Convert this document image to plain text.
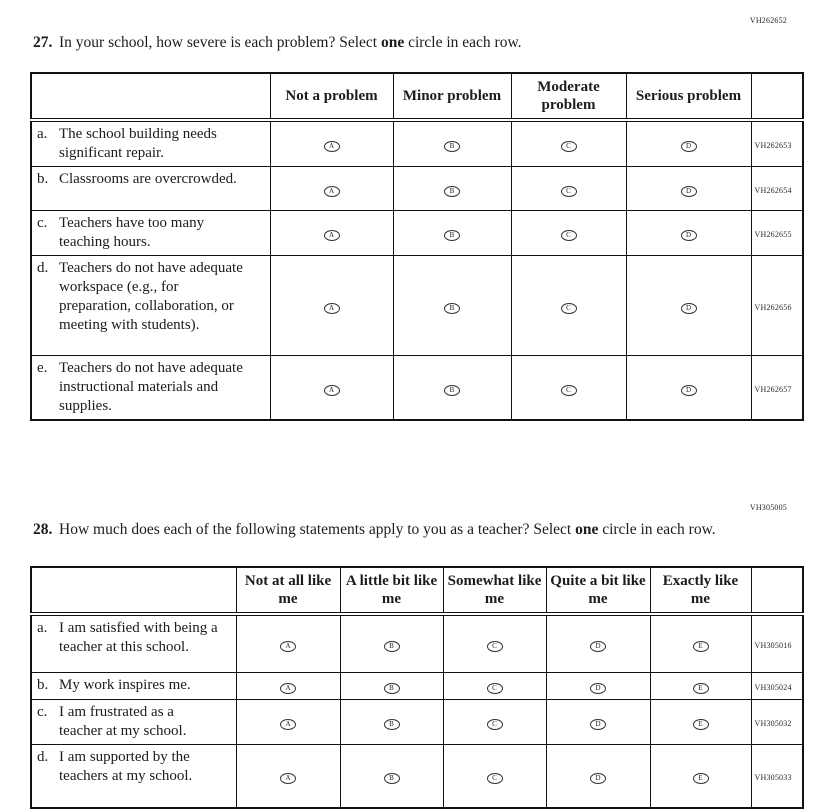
VH262652
27. In your school, how severe is each problem? Select one circle in each row.
	Not a problem	Minor problem	Moderate problem	Serious problem	

a. The school building needs significant repair.	A	B	C	D	VH262653

b. Classrooms are overcrowded.	A	B	C	D	VH262654

c. Teachers have too many teaching hours.	A	B	C	D	VH262655

d. Teachers do not have adequate workspace (e.g., for preparation, collaboration, or meeting with students).	A	B	C	D	VH262656

e. Teachers do not have adequate instructional materials and supplies.	A	B	C	D	VH262657
VH305005
28. How much does each of the following statements apply to you as a teacher? Select one circle in each row.
	Not at all like me	A little bit like me	Somewhat like me	Quite a bit like me	Exactly like me	

a. I am satisfied with being a teacher at this school.	A	B	C	D	E	VH305016

b. My work inspires me.	A	B	C	D	E	VH305024

c. I am frustrated as a teacher at my school.	A	B	C	D	E	VH305032

d. I am supported by the teachers at my school.	A	B	C	D	E	VH305033
